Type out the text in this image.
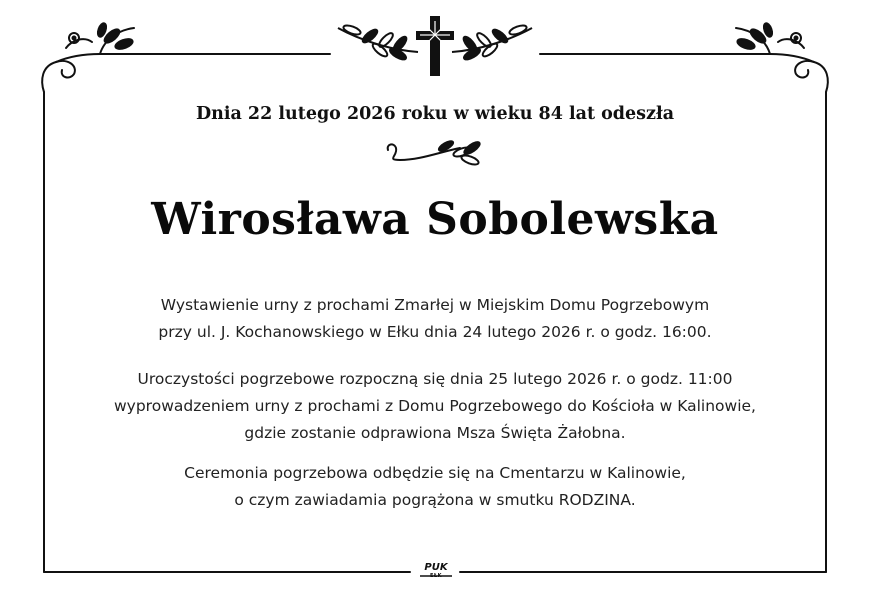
Dnia 22 lutego 2026 roku w wieku 84 lat odeszła
Wirosława Sobolewska
Wystawienie urny z prochami Zmarłej w Miejskim Domu Pogrzebowym
przy ul. J. Kochanowskiego w Ełku dnia 24 lutego 2026 r. o godz. 16:00.
Uroczystości pogrzebowe rozpoczną się dnia 25 lutego 2026 r. o godz. 11:00
wyprowadzeniem urny z prochami z Domu Pogrzebowego do Kościoła w Kalinowie,
gdzie zostanie odprawiona Msza Święta Żałobna.
Ceremonia pogrzebowa odbędzie się na Cmentarzu w Kalinowie,
o czym zawiadamia pogrążona w smutku RODZINA.
PUK
EŁK
